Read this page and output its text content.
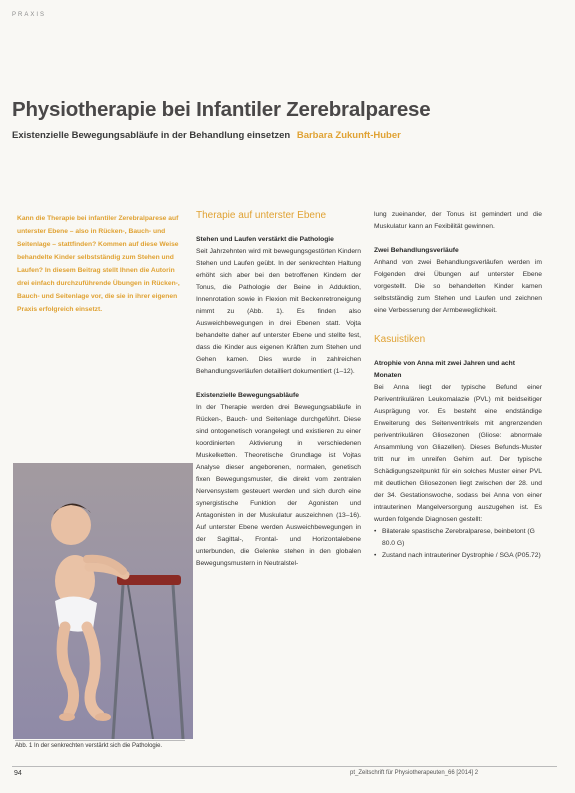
PRAXIS
Physiotherapie bei Infantiler Zerebralparese
Existenzielle Bewegungsabläufe in der Behandlung einsetzen Barbara Zukunft-Huber
Kann die Therapie bei infantiler Zerebralparese auf unterster Ebene – also in Rücken-, Bauch- und Seitenlage – stattfinden? Kommen auf diese Weise behandelte Kinder selbstständig zum Stehen und Laufen? In diesem Beitrag stellt Ihnen die Autorin drei einfach durchzuführende Übungen in Rücken-, Bauch- und Seitenlage vor, die sie in ihrer eigenen Praxis erfolgreich einsetzt.
Therapie auf unterster Ebene
Stehen und Laufen verstärkt die Pathologie

Seit Jahrzehnten wird mit bewegungsgestörten Kindern Stehen und Laufen geübt. In der senkrechten Haltung erhöht sich aber bei den betroffenen Kindern der Tonus, die Pathologie der Beine in Adduktion, Innenrotation sowie in Flexion mit Beckenretroneigung nimmt zu (Abb. 1). Es finden also Ausweichbewegungen in drei Ebenen statt. Vojta behandelte daher auf unterster Ebene und stellte fest, dass die Kinder aus eigenen Kräften zum Stehen und Gehen kamen. Dies wurde in zahlreichen Behandlungsverläufen detailliert dokumentiert (1–12).

Existenzielle Bewegungsabläufe

In der Therapie werden drei Bewegungsabläufe in Rücken-, Bauch- und Seitenlage durchgeführt. Diese sind ontogenetisch vorangelegt und existieren zu einer koordinierten Aktivierung in verschiedenen Muskelketten. Theoretische Grundlage ist Vojtas Analyse dieser angeborenen, normalen, genetisch fixen Bewegungsmuster, die direkt vom zentralen Nervensystem gesteuert werden und sich durch eine synergistische Funktion der Agonisten und Antagonisten in der Muskulatur auszeichnen (13–16). Auf unterster Ebene werden Ausweichbewegungen in der Sagittal-, Frontal- und Horizontalebene unterbunden, die Gelenke stehen in den globalen Bewegungsmustern in Neutralstel-

lung zueinander, der Tonus ist gemindert und die Muskulatur kann an Fexibilität gewinnen.

Zwei Behandlungsverläufe

Anhand von zwei Behandlungsverläufen werden im Folgenden drei Übungen auf unterster Ebene vorgestellt. Die so behandelten Kinder kamen selbstständig zum Stehen und Laufen und zeichnen eine Verbesserung der Armbeweglichkeit.

Kasuistiken
Atrophie von Anna mit zwei Jahren und acht Monaten

Bei Anna liegt der typische Befund einer Periventrikulären Leukomalazie (PVL) mit beidseitiger Ausprägung vor. Es besteht eine endständige Erweiterung des Seitenventrikels mit angrenzenden periventrikulären Gliosezonen (Gliose: abnormale Ansammlung von Gliazellen). Dieses Befunds-Muster tritt nur im unreifen Gehirn auf. Der typische Schädigungszeitpunkt für ein solches Muster einer PVL mit deutlichen Gliosezonen liegt zwischen der 28. und der 34. Gestationswoche, sodass bei Anna von einer intrauterinen Mangelversorgung auszugehen ist. Es wurden folgende Diagnosen gestellt:

• Bilaterale spastische Zerebralparese, beinbetont (G 80.0 G)
• Zustand nach intrauteriner Dystrophie / SGA (P05.72)
Abb. 1 In der senkrechten verstärkt sich die Pathologie.
94	pt_Zeitschrift für Physiotherapeuten_66 [2014] 2
